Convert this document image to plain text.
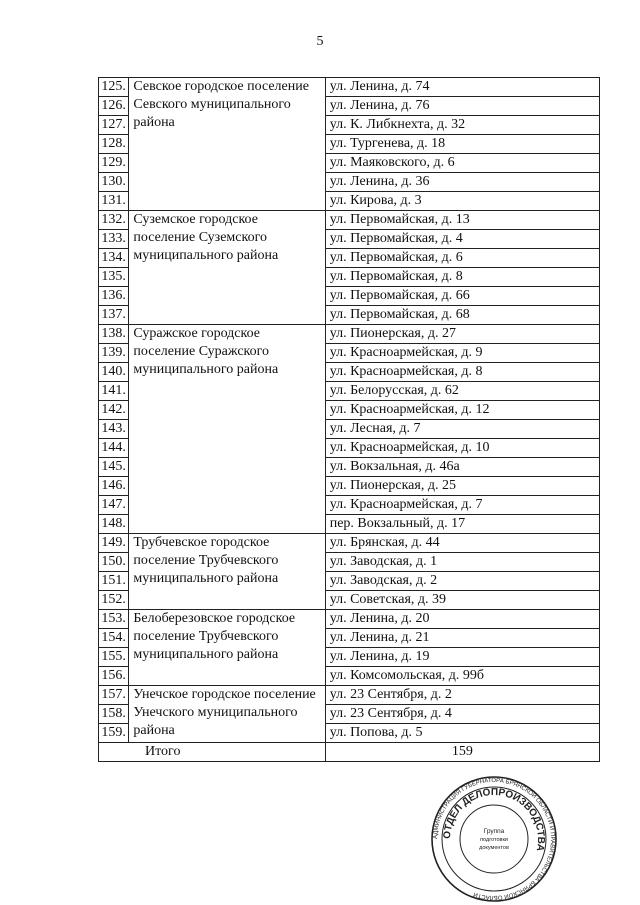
5
125.	Севское городское поселение Севского муниципального района	ул. Ленина, д. 74
126.		ул. Ленина, д. 76
127.		ул. К. Либкнехта, д. 32
128.		ул. Тургенева, д. 18
129.		ул. Маяковского, д. 6
130.		ул. Ленина, д. 36
131.		ул. Кирова, д. 3
132.	Суземское городское поселение Суземского муниципального района	ул. Первомайская, д. 13
133.		ул. Первомайская, д. 4
134.		ул. Первомайская, д. 6
135.		ул. Первомайская, д. 8
136.		ул. Первомайская, д. 66
137.		ул. Первомайская, д. 68
138.	Суражское городское поселение Суражского муниципального района	ул. Пионерская, д. 27
139.		ул. Красноармейская, д. 9
140.		ул. Красноармейская, д. 8
141.		ул. Белорусская, д. 62
142.		ул. Красноармейская, д. 12
143.		ул. Лесная, д. 7
144.		ул. Красноармейская, д. 10
145.		ул. Вокзальная, д. 46а
146.		ул. Пионерская, д. 25
147.		ул. Красноармейская, д. 7
148.		пер. Вокзальный, д. 17
149.	Трубчевское городское поселение Трубчевского муниципального района	ул. Брянская, д. 44
150.		ул. Заводская, д. 1
151.		ул. Заводская, д. 2
152.		ул. Советская, д. 39
153.	Белоберезовское городское поселение Трубчевского муниципального района	ул. Ленина, д. 20
154.		ул. Ленина, д. 21
155.		ул. Ленина, д. 19
156.		ул. Комсомольская, д. 99б
157.	Унечское городское поселение Унечского муниципального района	ул. 23 Сентября, д. 2
158.		ул. 23 Сентября, д. 4
159.		ул. Попова, д. 5
Итого		159
АДМИНИСТРАЦИЯ ГУБЕРНАТОРА БРЯНСКОЙ ОБЛАСТИ И ПРАВИТЕЛЬСТВА БРЯНСКОЙ ОБЛАСТИ
ОТДЕЛ ДЕЛОПРОИЗВОДСТВА
Группа
подготовки
документов
